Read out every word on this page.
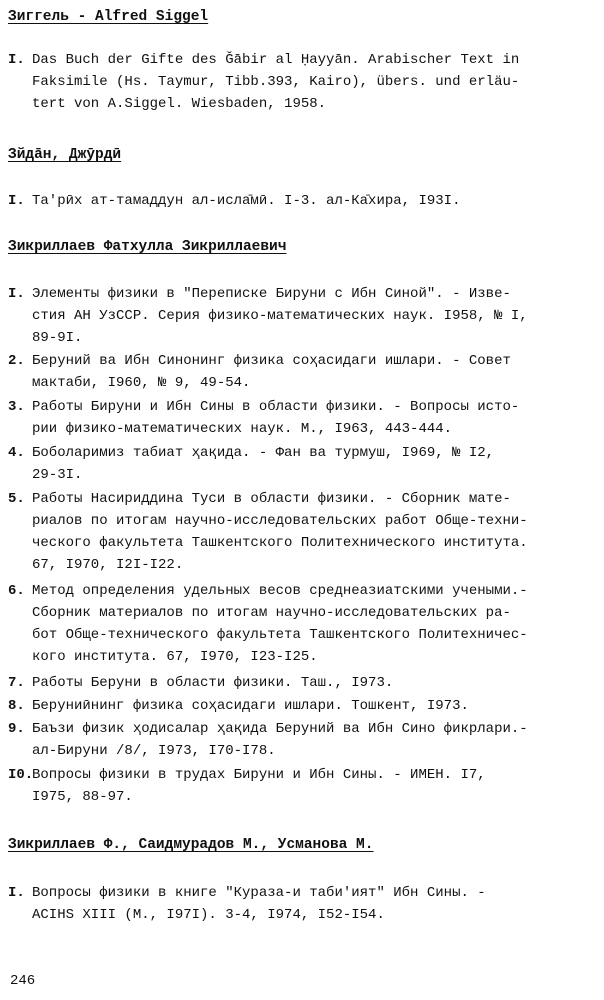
Зиггель - Alfred Siggel
I. Das Buch der Gifte des Ğābir al Ḥayyān. Arabischer Text in
Faksimile (Hs. Taymur, Tibb.393, Kairo), übers. und erläu-
tert von A.Siggel. Wiesbaden, 1958.
Зйдāн, Джӯрдӣ
I. Та'рӣх ат-тамаддун ал-исла̄мӣ. I-3. ал-Ка̄хира, I93I.
Зикриллаев Фатхулла Зикриллаевич
I. Элементы физики в "Переписке Бируни с Ибн Синой". - Изве-
стия АН УзССР. Серия физико-математических наук. I958, № I,
89-9I.
2. Беруний ва Ибн Синонинг физика соҳасидаги ишлари. - Совет
мактаби, I960, № 9, 49-54.
3. Работы Бируни и Ибн Сины в области физики. - Вопросы исто-
рии физико-математических наук. М., I963, 443-444.
4. Боболаримиз табиат ҳақида. - Фан ва турмуш, I969, № I2,
29-3I.
5. Работы Насириддина Туси в области физики. - Сборник мате-
риалов по итогам научно-исследовательских работ Обще-техни-
ческого факультета Ташкентского Политехнического института.
67, I970, I2I-I22.
6. Метод определения удельных весов среднеазиатскими учеными.-
Сборник материалов по итогам научно-исследовательских ра-
бот Обще-технического факультета Ташкентского Политехничес-
кого института. 67, I970, I23-I25.
7. Работы Беруни в области физики. Таш., I973.
8. Беруниӣнинг физика соҳасидаги ишлари. Тошкент, I973.
9. Баъзи физик ҳодисалар ҳақида Беруний ва Ибн Сино фикрлари.-
ал-Бируни /8/, I973, I70-I78.
I0.
Вопросы физики в трудах Бируни и Ибн Сины. - ИМЕН. I7,
I975, 88-97.
Зикриллаев Ф., Саидмурадов М., Усманова М.
I. Вопросы физики в книге "Кураза-и таби'ият" Ибн Сины. -
ACIHS XIII (М., I97I). 3-4, I974, I52-I54.
246
